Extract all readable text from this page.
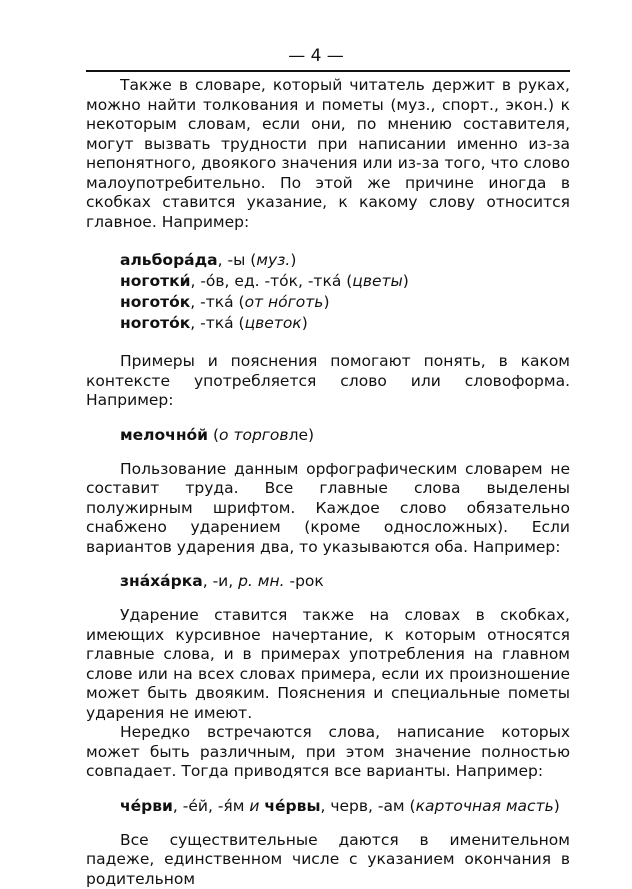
— 4 —

Также в словаре, который читатель держит в руках, можно найти толкования и пометы (муз., спорт., экон.) к некоторым словам, если они, по мнению составителя, могут вызвать трудности при написании именно из-за непонятного, двоякого значения или из-за того, что слово малоупотребительно. По этой же причине иногда в скобках ставится указание, к какому слову относится главное. Например:

альбора́да, -ы (муз.)
ноготки́, -о́в, ед. -то́к, -тка́ (цветы)
ногото́к, -тка́ (от но́готь)
ногото́к, -тка́ (цветок)

Примеры и пояснения помогают понять, в каком контексте употребляется слово или словоформа. Например:

мелочно́й (о торговле)

Пользование данным орфографическим словарем не составит труда. Все главные слова выделены полужирным шрифтом. Каждое слово обязательно снабжено ударением (кроме односложных). Если вариантов ударения два, то указываются оба. Например:

зна́ха́рка, -и, р. мн. -рок

Ударение ставится также на словах в скобках, имеющих курсивное начертание, к которым относятся главные слова, и в примерах употребления на главном слове или на всех словах примера, если их произношение может быть двояким. Пояснения и специальные пометы ударения не имеют.

Нередко встречаются слова, написание которых может быть различным, при этом значение полностью совпадает. Тогда приводятся все варианты. Например:

че́рви, -е́й, -я́м и че́рвы, черв, -ам (карточная масть)

Все существительные даются в именительном падеже, единственном числе с указанием окончания в родительном
